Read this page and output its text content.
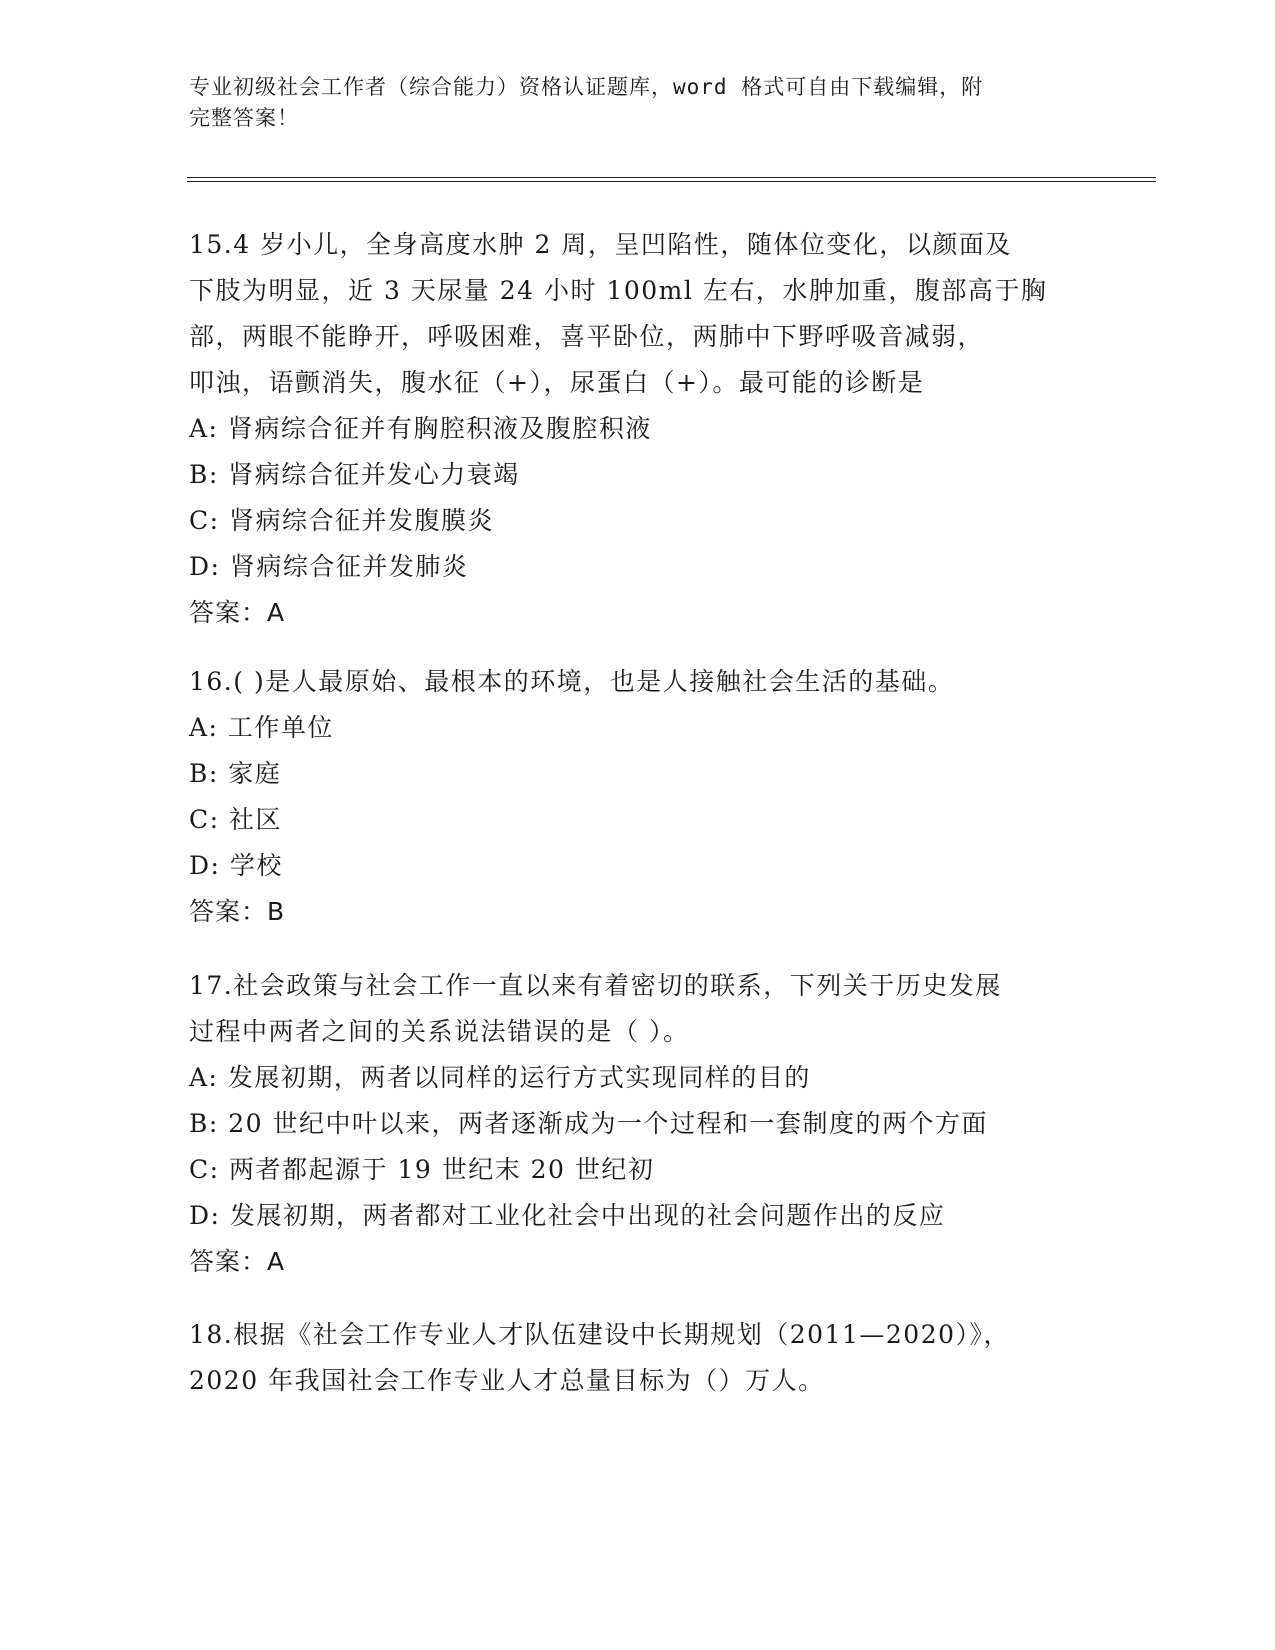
专业初级社会工作者（综合能力）资格认证题库，word 格式可自由下载编辑，附
完整答案！
15.4 岁小儿，全身高度水肿 2 周，呈凹陷性，随体位变化，以颜面及
下肢为明显，近 3 天尿量 24 小时 100ml 左右，水肿加重，腹部高于胸
部，两眼不能睁开，呼吸困难，喜平卧位，两肺中下野呼吸音减弱，
叩浊，语颤消失，腹水征（+），尿蛋白（+）。最可能的诊断是
A: 肾病综合征并有胸腔积液及腹腔积液
B: 肾病综合征并发心力衰竭
C: 肾病综合征并发腹膜炎
D: 肾病综合征并发肺炎
答案：A
16.( )是人最原始、最根本的环境，也是人接触社会生活的基础。
A: 工作单位
B: 家庭
C: 社区
D: 学校
答案：B
17.社会政策与社会工作一直以来有着密切的联系，下列关于历史发展
过程中两者之间的关系说法错误的是（ ）。
A: 发展初期，两者以同样的运行方式实现同样的目的
B: 20 世纪中叶以来，两者逐渐成为一个过程和一套制度的两个方面
C: 两者都起源于 19 世纪末 20 世纪初
D: 发展初期，两者都对工业化社会中出现的社会问题作出的反应
答案：A
18.根据《社会工作专业人才队伍建设中长期规划（2011—2020）》，
2020 年我国社会工作专业人才总量目标为（）万人。
